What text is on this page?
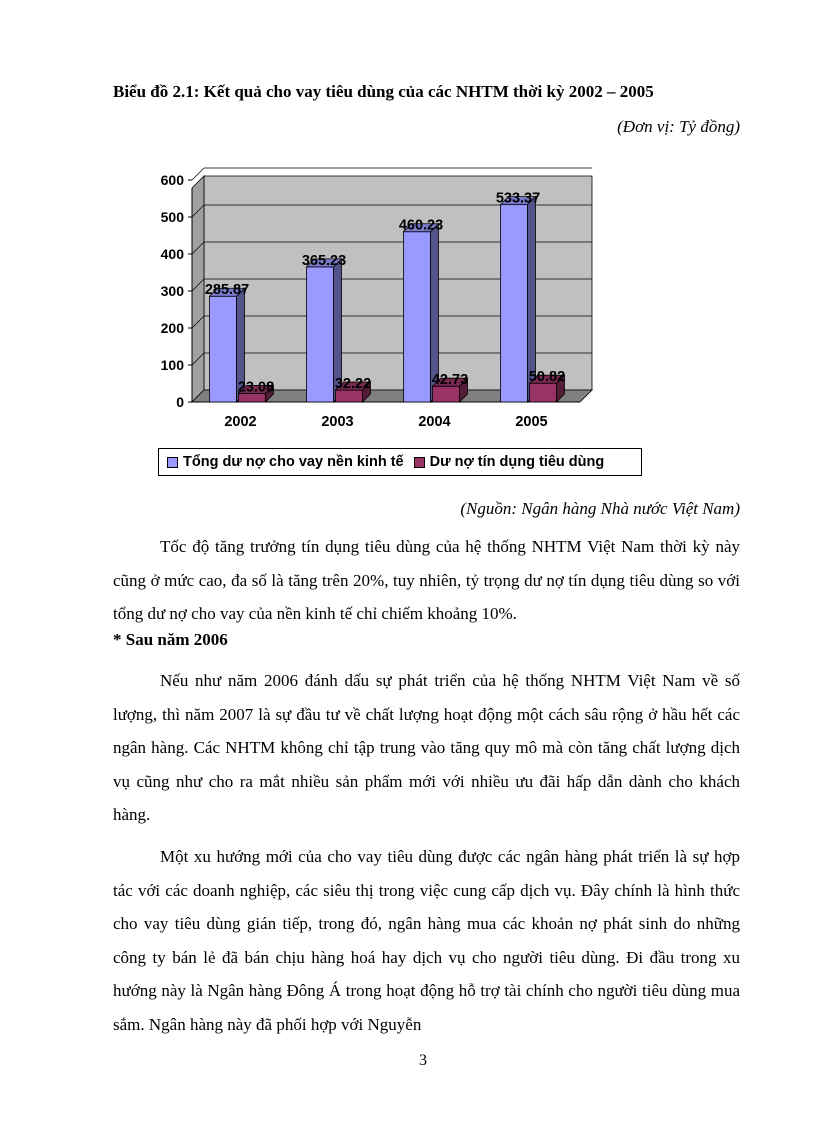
Biểu đồ 2.1: Kết quả cho vay tiêu dùng của các NHTM thời kỳ 2002 – 2005
(Đơn vị: Tỷ đồng)
0
100
200
300
400
500
600
285.87
23.08
2002
365.23
32.22
2003
460.23
42.73
2004
533.37
50.82
2005
Tổng dư nợ cho vay nền kinh tế Dư nợ tín dụng tiêu dùng
(Nguồn: Ngân hàng Nhà nước Việt Nam)
Tốc độ tăng trưởng tín dụng tiêu dùng của hệ thống NHTM Việt Nam thời kỳ này cũng ở mức cao, đa số là tăng trên 20%, tuy nhiên, tỷ trọng dư nợ tín dụng tiêu dùng so với tổng dư nợ cho vay của nền kinh tế chỉ chiếm khoảng 10%.
* Sau năm 2006
Nếu như năm 2006 đánh dấu sự phát triển của hệ thống NHTM Việt Nam về số lượng, thì năm 2007 là sự đầu tư về chất lượng hoạt động một cách sâu rộng ở hầu hết các ngân hàng. Các NHTM không chỉ tập trung vào tăng quy mô mà còn tăng chất lượng dịch vụ cũng như cho ra mắt nhiều sản phẩm mới với nhiều ưu đãi hấp dẫn dành cho khách hàng.
Một xu hướng mới của cho vay tiêu dùng được các ngân hàng phát triển là sự hợp tác với các doanh nghiệp, các siêu thị trong việc cung cấp dịch vụ. Đây chính là hình thức cho vay tiêu dùng gián tiếp, trong đó, ngân hàng mua các khoản nợ phát sinh do những công ty bán lẻ đã bán chịu hàng hoá hay dịch vụ cho người tiêu dùng. Đi đầu trong xu hướng này là Ngân hàng Đông Á trong hoạt động hỗ trợ tài chính cho người tiêu dùng mua sắm. Ngân hàng này đã phối hợp với Nguyễn
3
